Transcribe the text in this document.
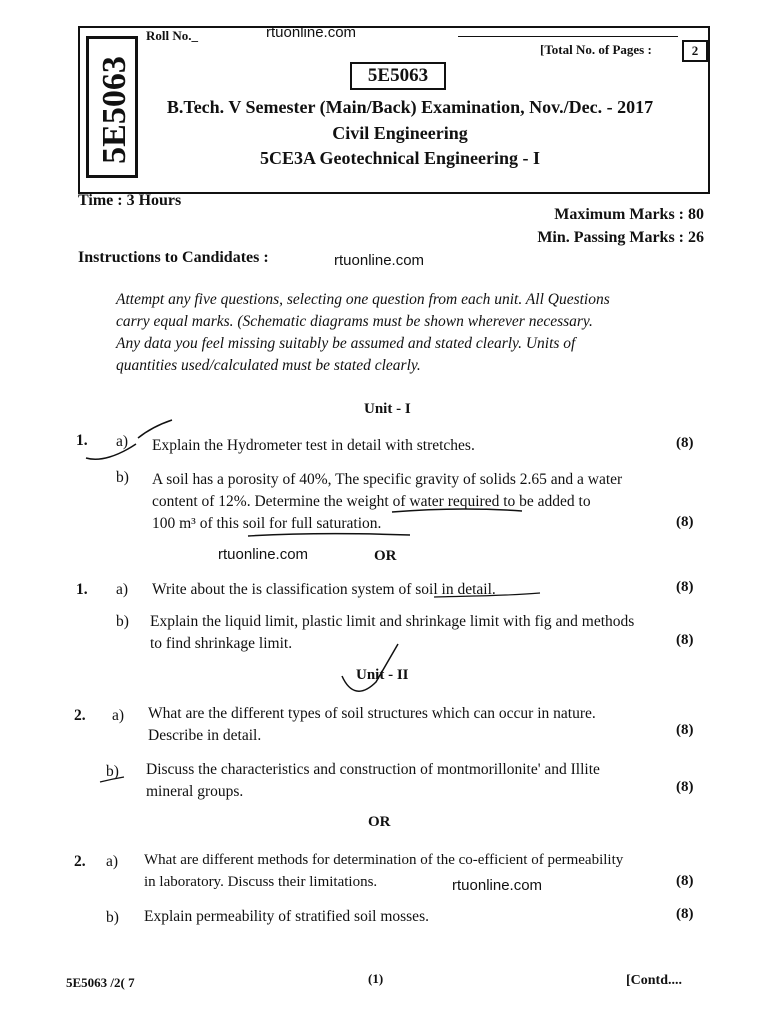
5E5063
Roll No._	rtuonline.com
[Total No. of Pages :	2
5E5063
B.Tech. V Semester (Main/Back) Examination, Nov./Dec. - 2017
Civil Engineering
5CE3A Geotechnical Engineering - I
Time : 3 Hours
Maximum Marks : 80
Min. Passing Marks : 26
Instructions to Candidates :	rtuonline.com
Attempt any five questions, selecting one question from each unit. All Questions
carry equal marks. (Schematic diagrams must be shown wherever necessary.
Any data you feel missing suitably be assumed and stated clearly. Units of
quantities used/calculated must be stated clearly.
Unit - I
1. a) Explain the Hydrometer test in detail with stretches.	(8)
b) A soil has a porosity of 40%, The specific gravity of solids 2.65 and a water
content of 12%. Determine the weight of water required to be added to
100 m³ of this soil for full saturation.	(8)
rtuonline.com	OR
1. a) Write about the is classification system of soil in detail.	(8)
b) Explain the liquid limit, plastic limit and shrinkage limit with fig and methods
to find shrinkage limit.	(8)
Unit - II
2. a) What are the different types of soil structures which can occur in nature.
Describe in detail.	(8)
b) Discuss the characteristics and construction of montmorillonite' and Illite
mineral groups.	(8)
OR
2. a) What are different methods for determination of the co-efficient of permeability
in laboratory. Discuss their limitations.	rtuonline.com	(8)
b) Explain permeability of stratified soil mosses.	(8)
5E5063 /2( 7	(1)	[Contd....
